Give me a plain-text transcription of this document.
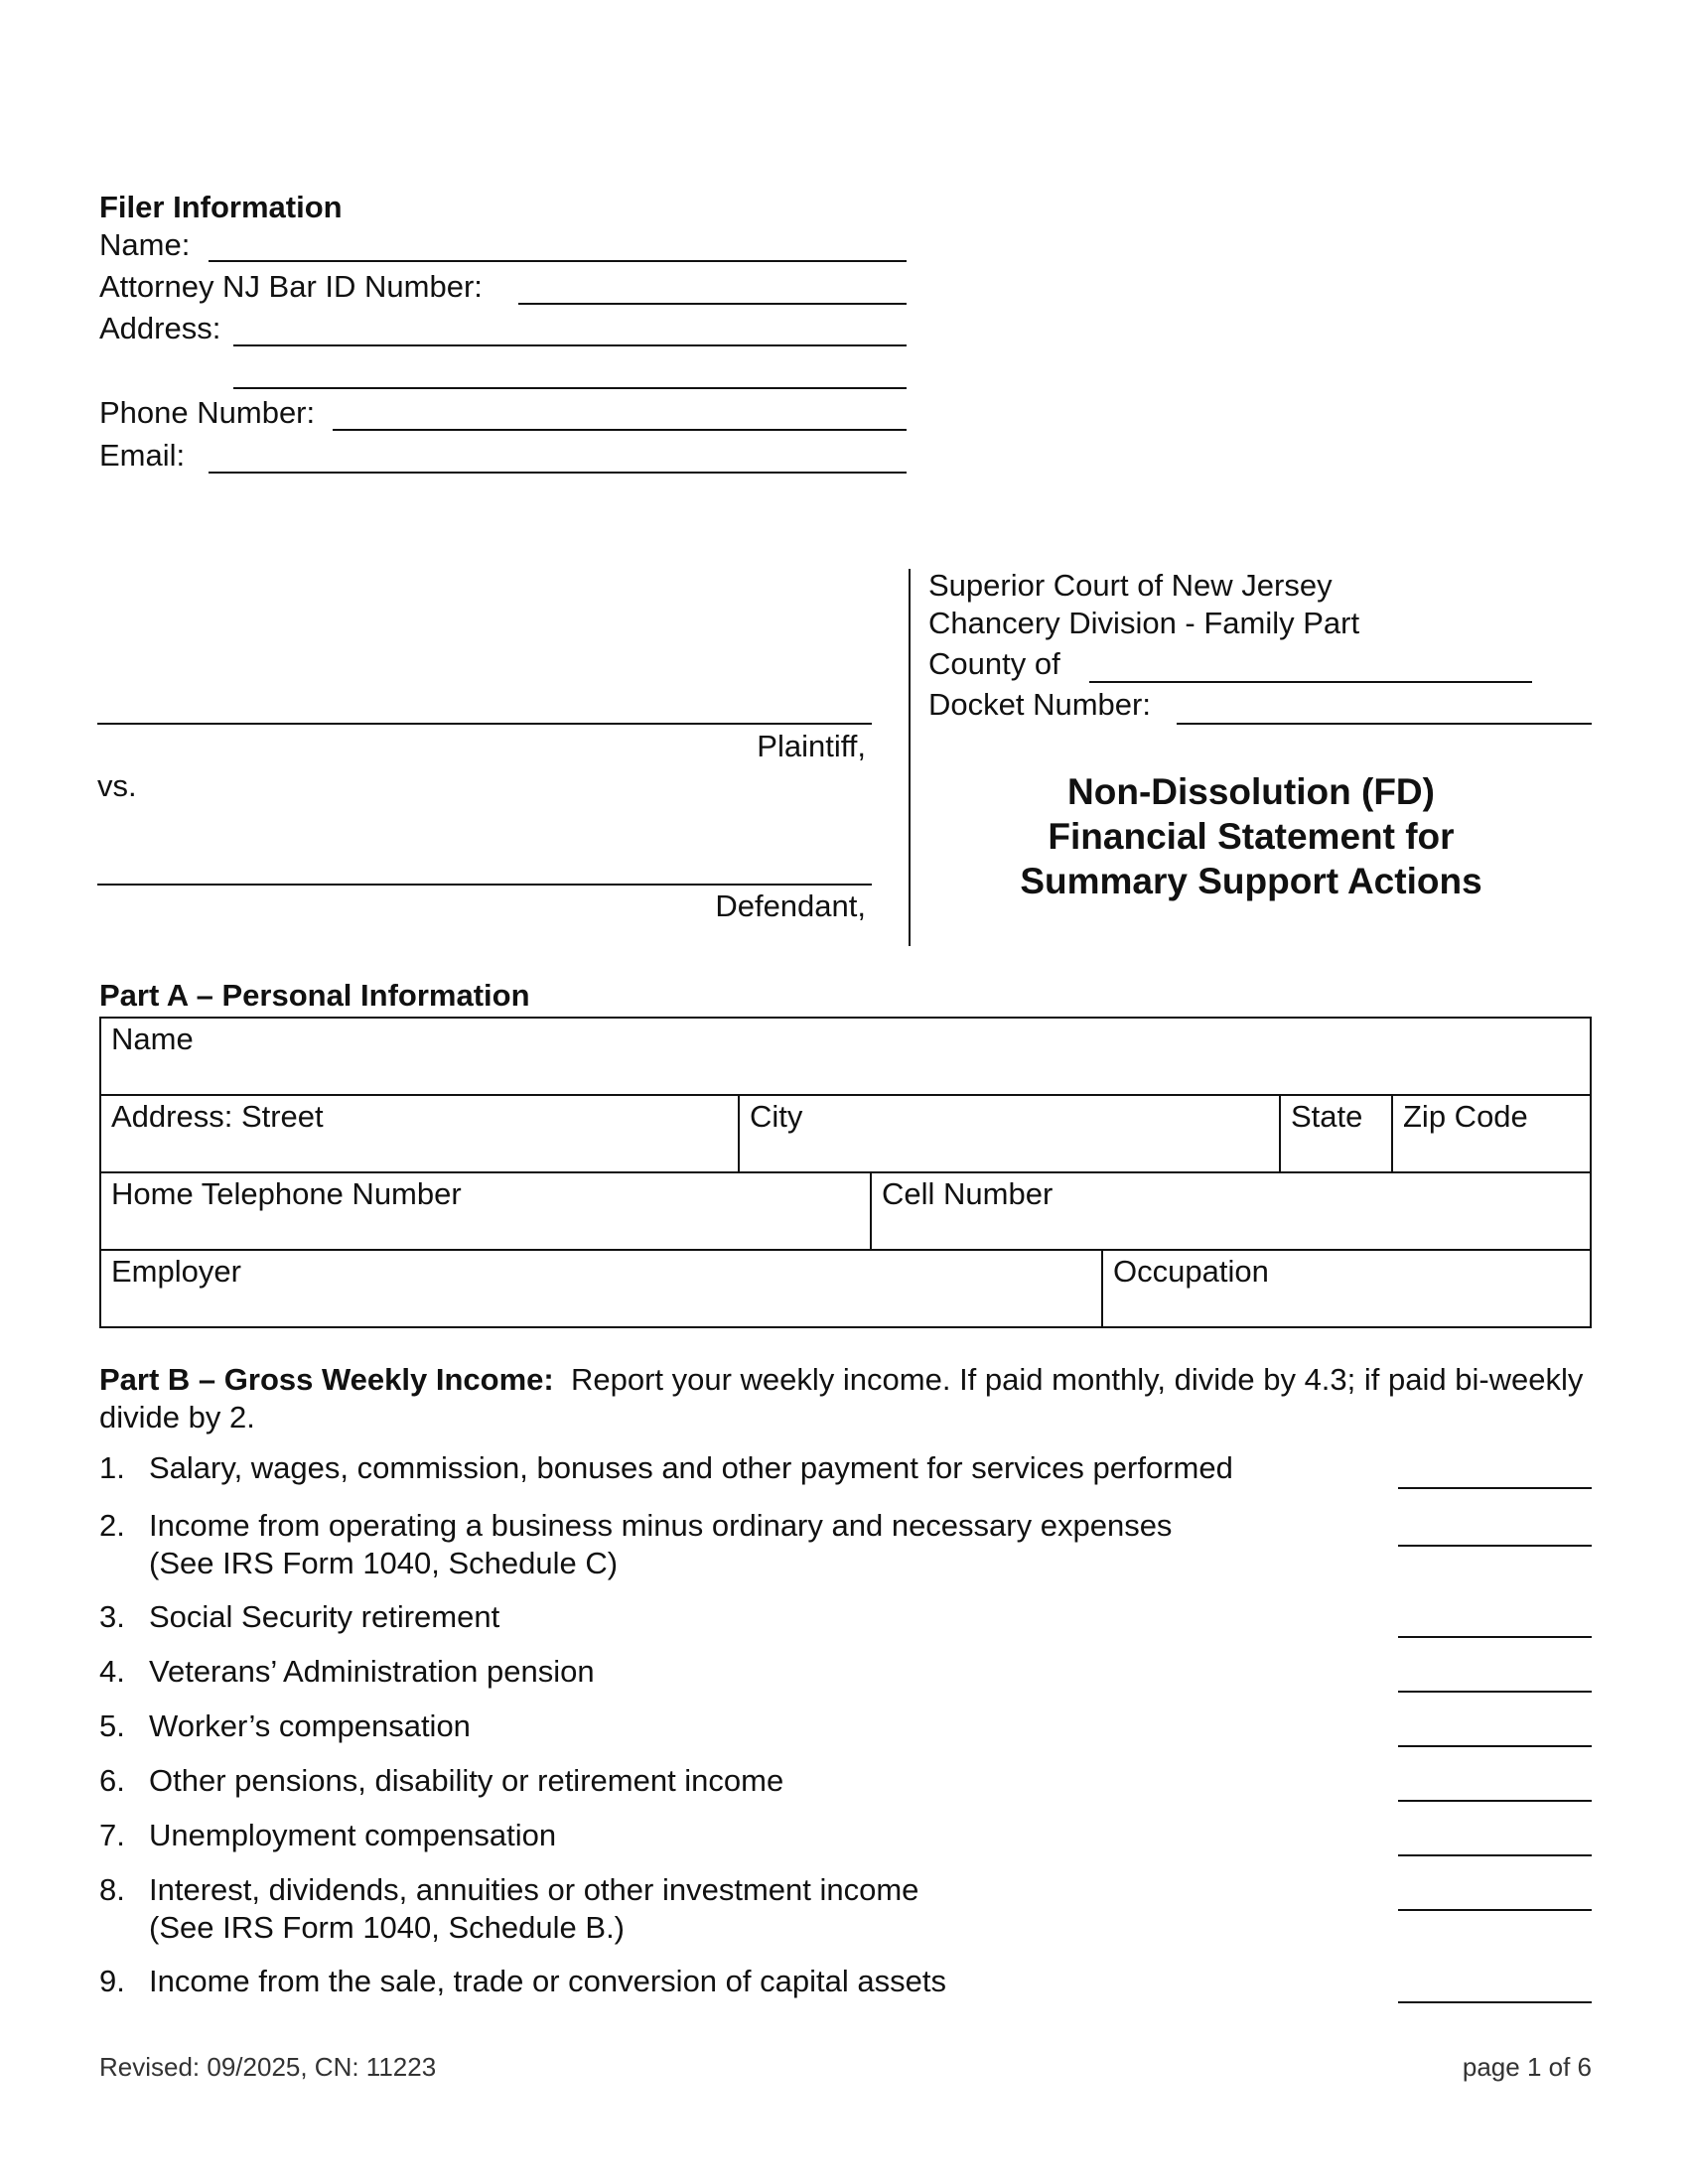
Filer Information
Name:
Attorney NJ Bar ID Number:
Address:
Phone Number:
Email:
Plaintiff,
vs.
Defendant,
Superior Court of New Jersey
Chancery Division - Family Part
County of
Docket Number:
Non-Dissolution (FD)
Financial Statement for
Summary Support Actions
Part A – Personal Information
Name

Address: Street	City	State	Zip Code

Home Telephone Number	Cell Number

Employer	Occupation
Part B – Gross Weekly Income: Report your weekly income. If paid monthly, divide by 4.3; if paid bi-weekly divide by 2.
1. Salary, wages, commission, bonuses and other payment for services performed
2. Income from operating a business minus ordinary and necessary expenses
(See IRS Form 1040, Schedule C)
3. Social Security retirement
4. Veterans’ Administration pension
5. Worker’s compensation
6. Other pensions, disability or retirement income
7. Unemployment compensation
8. Interest, dividends, annuities or other investment income
(See IRS Form 1040, Schedule B.)
9. Income from the sale, trade or conversion of capital assets
Revised: 09/2025, CN: 11223	page 1 of 6
